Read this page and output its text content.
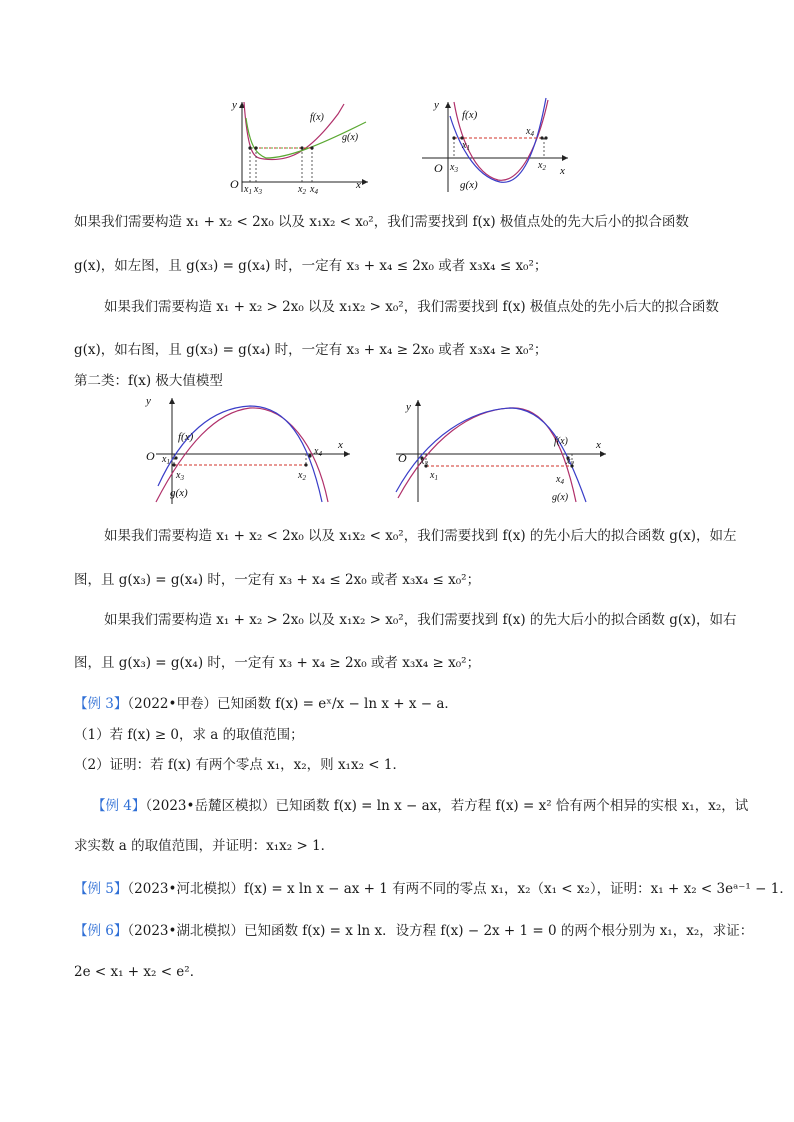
y
O	x
f(x)
g(x)
$x_1$ $x_3$	$x_2$ $x_4$
y
O	x
f(x)
g(x)
$x_1$
$x_3$	$x_2$
$x_4$
如果我们需要构造 x₁ + x₂ < 2x₀ 以及 x₁x₂ < x₀²，我们需要找到 f(x) 极值点处的先大后小的拟合函数
g(x)，如左图，且 g(x₃) = g(x₄) 时，一定有 x₃ + x₄ ≤ 2x₀ 或者 x₃x₄ ≤ x₀²；
如果我们需要构造 x₁ + x₂ > 2x₀ 以及 x₁x₂ > x₀²，我们需要找到 f(x) 极值点处的先小后大的拟合函数
g(x)，如右图，且 g(x₃) = g(x₄) 时，一定有 x₃ + x₄ ≥ 2x₀ 或者 x₃x₄ ≥ x₀²；
第二类：f(x) 极大值模型
y
O
x
f(x)
g(x)
$x_1$
$x_3$	$x_2$
$x_4$
y
O
x
f(x)
g(x)
$x_1$
$x_3$	$x_2$
$x_4$
如果我们需要构造 x₁ + x₂ < 2x₀ 以及 x₁x₂ < x₀²，我们需要找到 f(x) 的先小后大的拟合函数 g(x)，如左
图，且 g(x₃) = g(x₄) 时，一定有 x₃ + x₄ ≤ 2x₀ 或者 x₃x₄ ≤ x₀²；
如果我们需要构造 x₁ + x₂ > 2x₀ 以及 x₁x₂ > x₀²，我们需要找到 f(x) 的先大后小的拟合函数 g(x)，如右
图，且 g(x₃) = g(x₄) 时，一定有 x₃ + x₄ ≥ 2x₀ 或者 x₃x₄ ≥ x₀²；
【例 3】（2022•甲卷）已知函数 f(x) = eˣ/x − ln x + x − a．
（1）若 f(x) ≥ 0，求 a 的取值范围；
（2）证明：若 f(x) 有两个零点 x₁，x₂，则 x₁x₂ < 1．
【例 4】（2023•岳麓区模拟）已知函数 f(x) = ln x − ax，若方程 f(x) = x² 恰有两个相异的实根 x₁，x₂，试
求实数 a 的取值范围，并证明：x₁x₂ > 1．
【例 5】（2023•河北模拟）f(x) = x ln x − ax + 1 有两不同的零点 x₁，x₂（x₁ < x₂），证明：x₁ + x₂ < 3eᵃ⁻¹ − 1．
【例 6】（2023•湖北模拟）已知函数 f(x) = x ln x．设方程 f(x) − 2x + 1 = 0 的两个根分别为 x₁，x₂，求证：
2e < x₁ + x₂ < e²．
